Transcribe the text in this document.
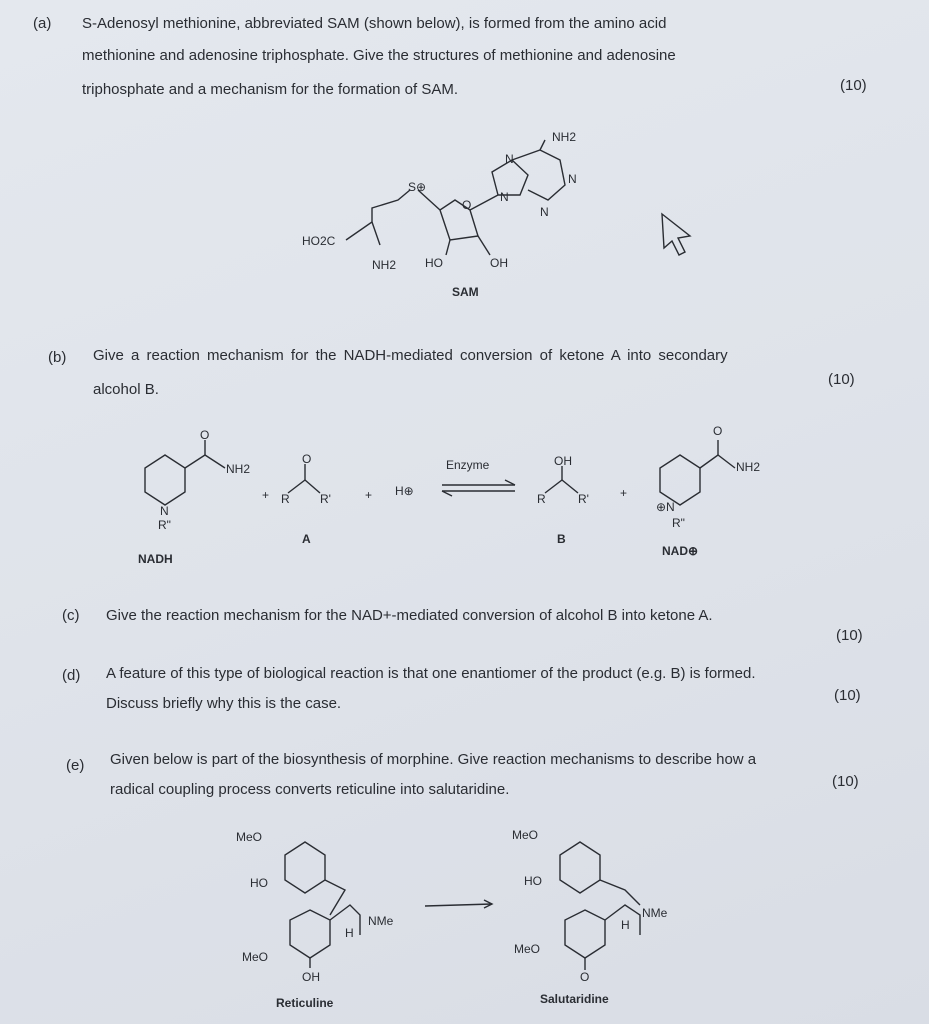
(a) S-Adenosyl methionine, abbreviated SAM (shown below), is formed from the amino acid
methionine and adenosine triphosphate. Give the structures of methionine and adenosine
triphosphate and a mechanism for the formation of SAM.	(10)
(b) Give a reaction mechanism for the NADH-mediated conversion of ketone A into secondary
alcohol B.
(10)
(c) Give the reaction mechanism for the NAD+-mediated conversion of alcohol B into ketone A.
(10)
(d) A feature of this type of biological reaction is that one enantiomer of the product (e.g. B) is formed.
Discuss briefly why this is the case.	(10)
(e) Given below is part of the biosynthesis of morphine. Give reaction mechanisms to describe how a
radical coupling process converts reticuline into salutaridine.	(10)
NH2
N
N
N
N
S⊕
O
HO2C
NH2 HO	OH
SAM
O
NH2
N
R"
NADH
+
O
R	R'
A
+ H⊕
Enzyme	OH
R	R'
B
+
O
NH2
⊕N
R"
NAD⊕
MeO
HO
NMe
H
MeO
OH
Reticuline
MeO
HO
NMe
H
MeO
O
Salutaridine
